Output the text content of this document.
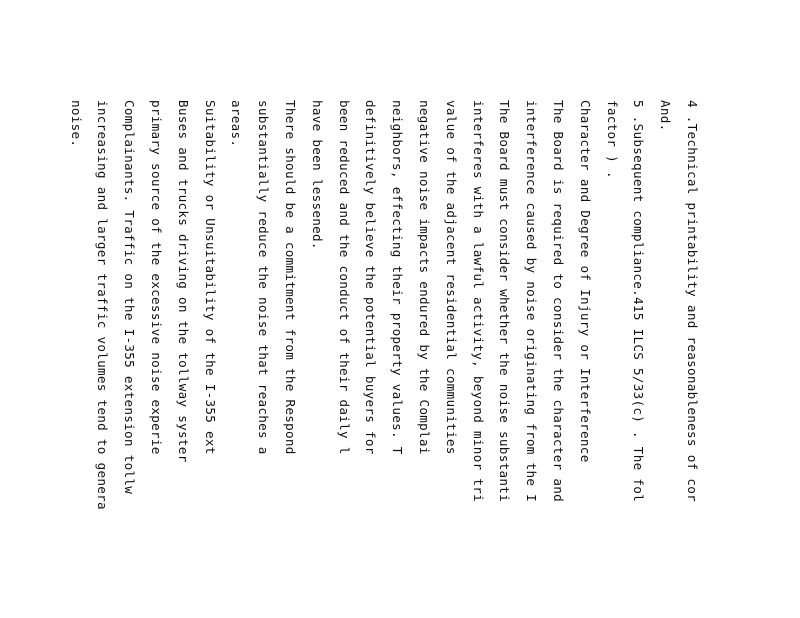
4 .Technical printability and reasonableness of cor
And.
5 .Subsequent compliance.415 ILCS 5/33(c) . The fol
factor ) .
Character and Degree of Injury or Interference
The Board is required to consider the character and
interference caused by noise originating from the I
The Board must consider whether the noise substanti
interferes with a lawful activity, beyond minor tri
value of the adjacent residential communities
negative noise impacts endured by the Complai
neighbors, effecting their property values. T
definitively believe the potential buyers for
been reduced and the conduct of their daily l
have been lessened.
There should be a commitment from the Respond
substantially reduce the noise that reaches a
areas.
Suitability or Unsuitability of the I-355 ext
Buses and trucks driving on the tollway syster
primary source of the excessive noise experie
Complainants. Traffic on the I-355 extension tollw
increasing and larger traffic volumes tend to genera
noise.
